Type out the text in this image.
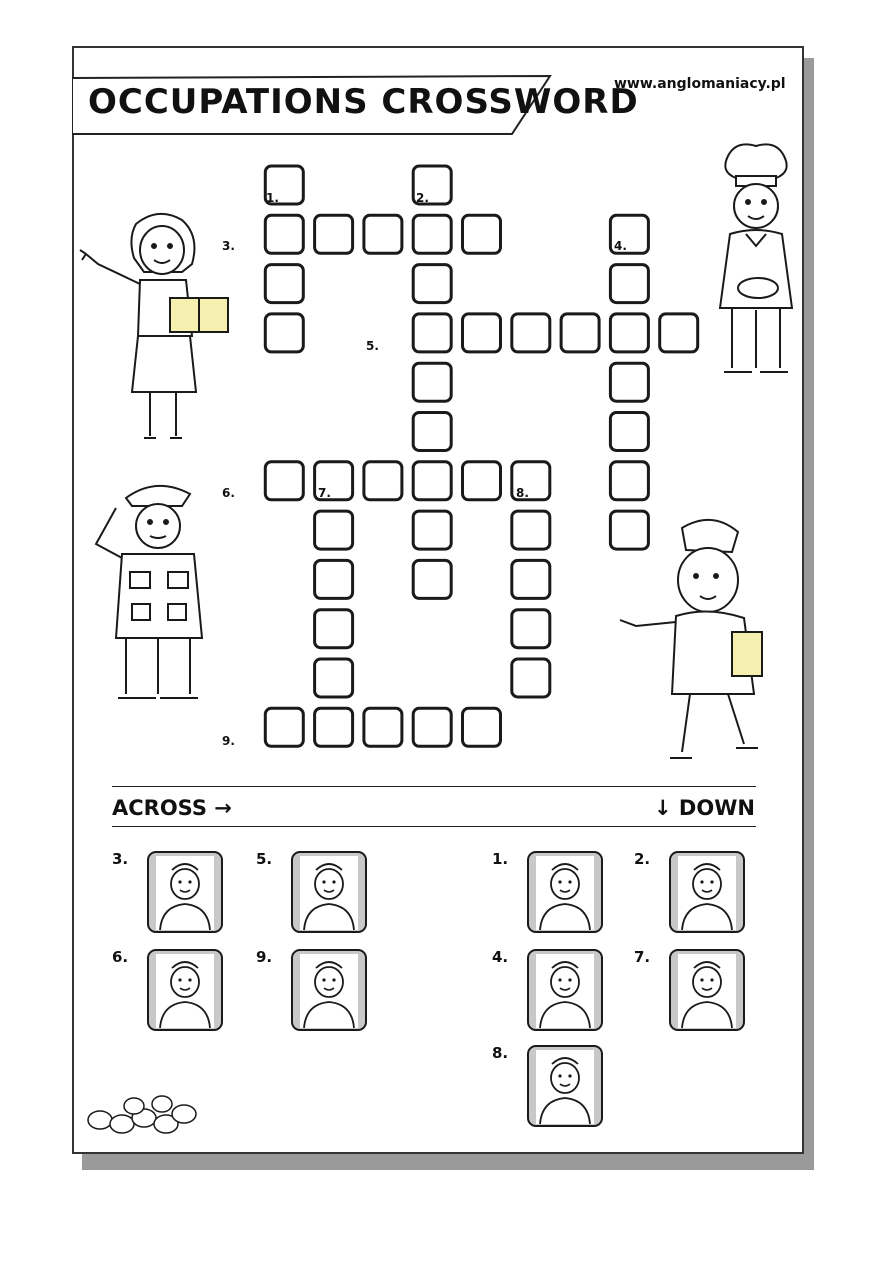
OCCUPATIONS CROSSWORD
www.anglomaniacy.pl
1.	2.
3.	4.
5.
6.	7.	8.
9.
ACROSS →	↓ DOWN
3.	5.
6.	9.
1.	2.
4.	7.
8.
